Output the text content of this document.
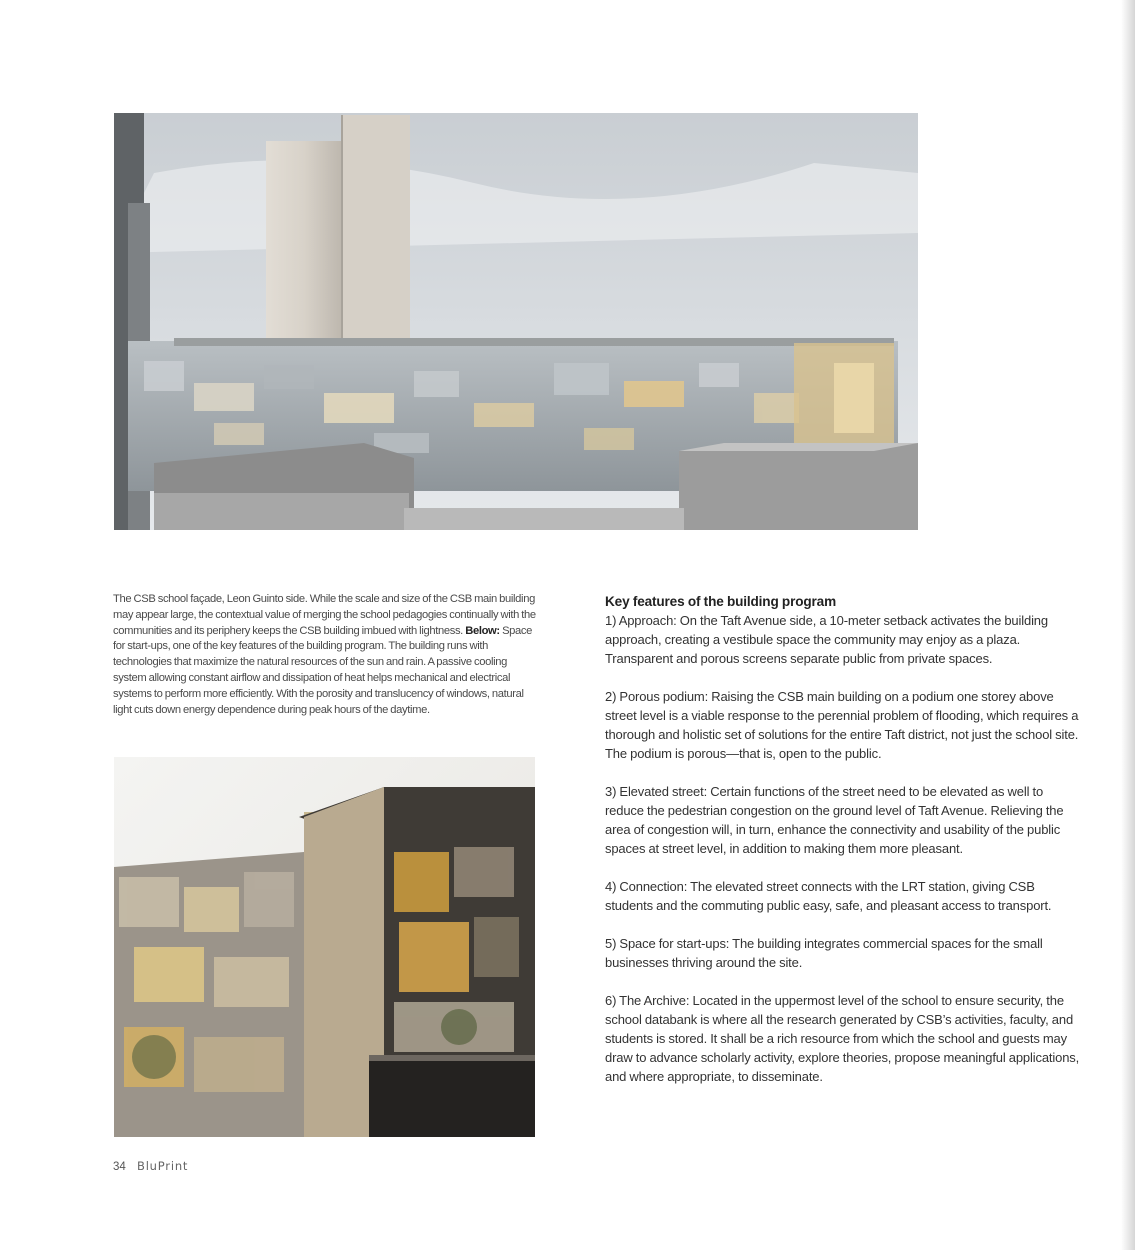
The CSB school façade, Leon Guinto side. While the scale and size of the CSB main building may appear large, the contextual value of merging the school pedagogies continually with the communities and its periphery keeps the CSB building imbued with lightness. Below: Space for start-ups, one of the key features of the building program. The building runs with technologies that maximize the natural resources of the sun and rain. A passive cooling system allowing constant airflow and dissipation of heat helps mechanical and electrical systems to perform more efficiently. With the porosity and translucency of windows, natural light cuts down energy dependence during peak hours of the daytime.

Key features of the building program

1) Approach: On the Taft Avenue side, a 10-meter setback activates the building approach, creating a vestibule space the community may enjoy as a plaza. Transparent and porous screens separate public from private spaces.

2) Porous podium: Raising the CSB main building on a podium one storey above street level is a viable response to the perennial problem of flooding, which requires a thorough and holistic set of solutions for the entire Taft district, not just the school site. The podium is porous—that is, open to the public.

3) Elevated street: Certain functions of the street need to be elevated as well to reduce the pedestrian congestion on the ground level of Taft Avenue. Relieving the area of congestion will, in turn, enhance the connectivity and usability of the public spaces at street level, in addition to making them more pleasant.

4) Connection: The elevated street connects with the LRT station, giving CSB students and the commuting public easy, safe, and pleasant access to transport.

5) Space for start-ups: The building integrates commercial spaces for the small businesses thriving around the site.

6) The Archive: Located in the uppermost level of the school to ensure security, the school databank is where all the research generated by CSB’s activities, faculty, and students is stored. It shall be a rich resource from which the school and guests may draw to advance scholarly activity, explore theories, propose meaningful applications, and where appropriate, to disseminate.

34 BluPrint
